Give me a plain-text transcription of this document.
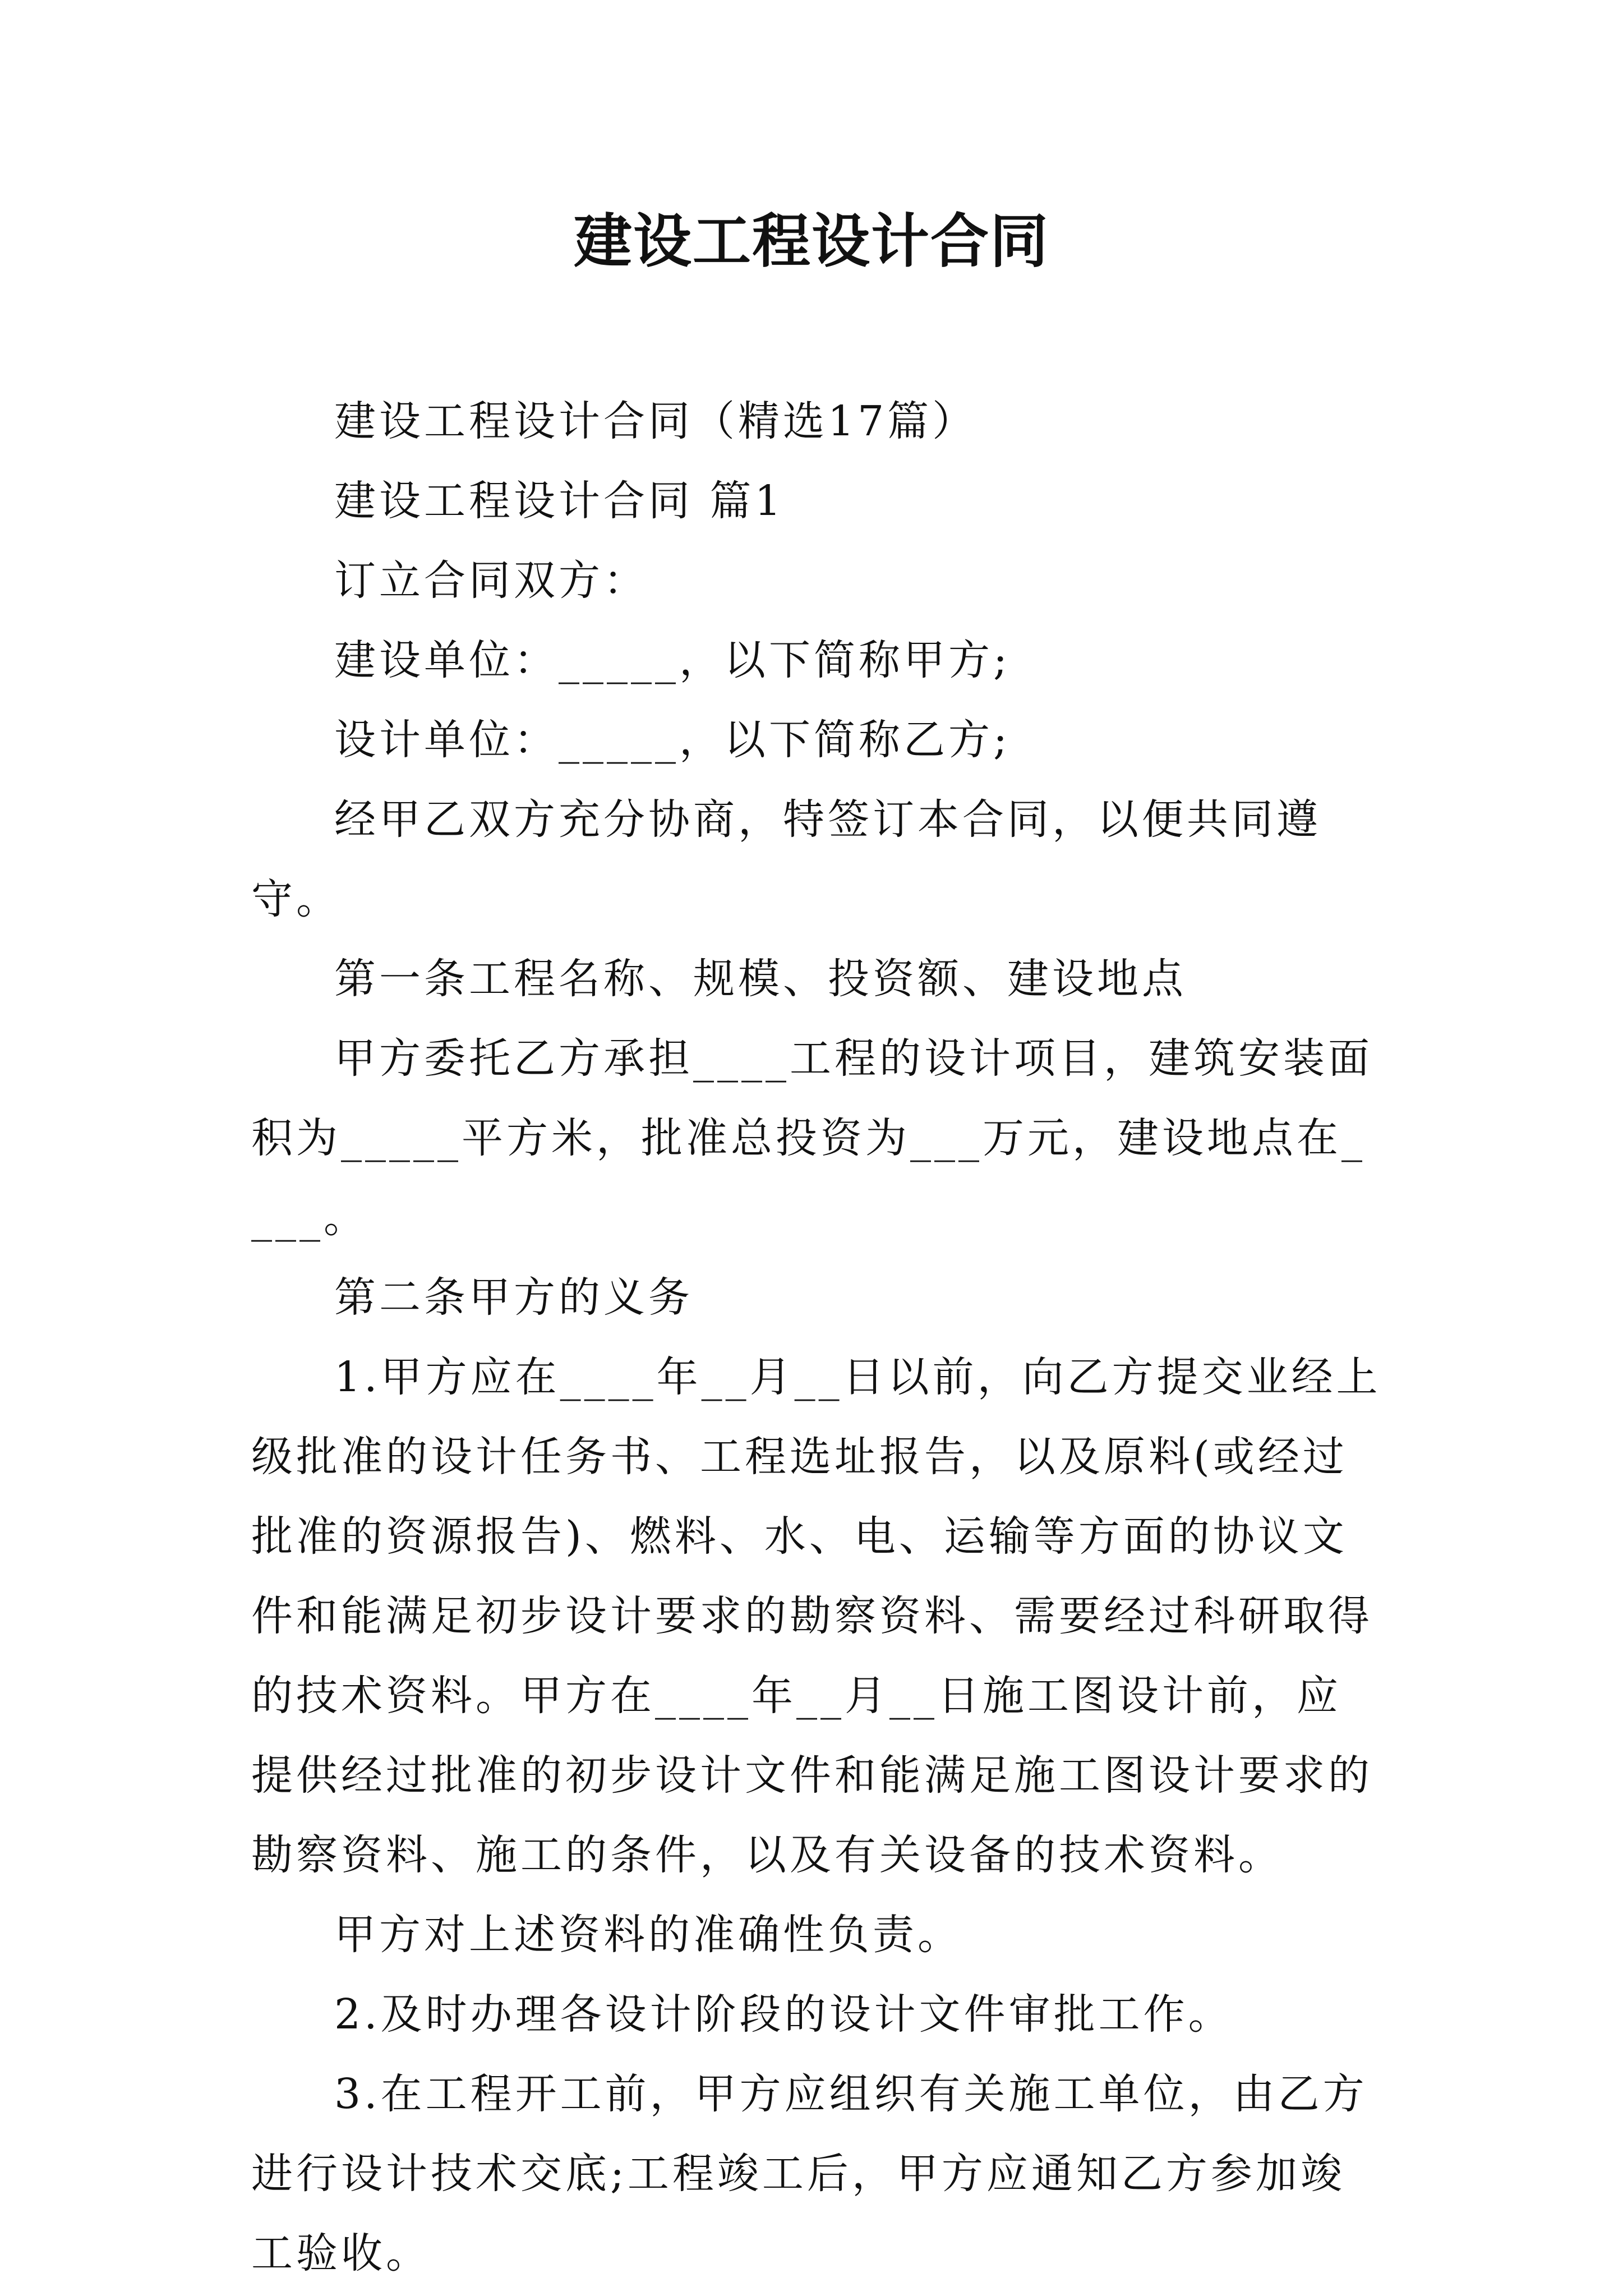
建设工程设计合同

建设工程设计合同（精选17篇）

建设工程设计合同 篇1

订立合同双方：

建设单位：_____，以下简称甲方;

设计单位：_____，以下简称乙方;

经甲乙双方充分协商，特签订本合同，以便共同遵守。

第一条工程名称、规模、投资额、建设地点

甲方委托乙方承担____工程的设计项目，建筑安装面积为_____平方米，批准总投资为___万元，建设地点在____。

第二条甲方的义务

1.甲方应在____年__月__日以前，向乙方提交业经上级批准的设计任务书、工程选址报告，以及原料(或经过批准的资源报告)、燃料、水、电、运输等方面的协议文件和能满足初步设计要求的勘察资料、需要经过科研取得的技术资料。甲方在____年__月__日施工图设计前，应提供经过批准的初步设计文件和能满足施工图设计要求的勘察资料、施工的条件，以及有关设备的技术资料。

甲方对上述资料的准确性负责。

2.及时办理各设计阶段的设计文件审批工作。

3.在工程开工前，甲方应组织有关施工单位，由乙方进行设计技术交底;工程竣工后，甲方应通知乙方参加竣工验收。
